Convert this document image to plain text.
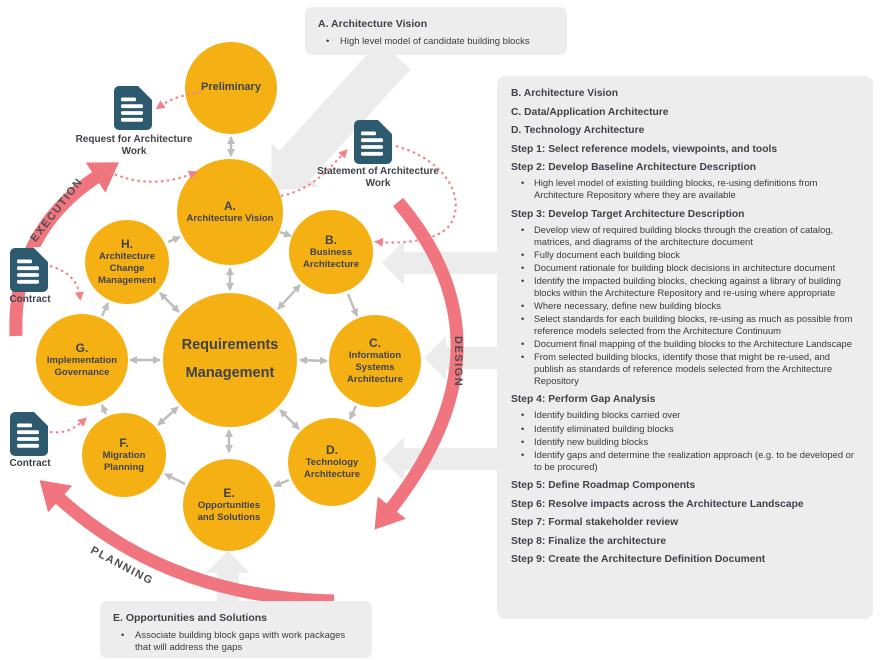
Preliminary
A.
Architecture Vision
B.
Business Architecture
C.
Information Systems Architecture
D.
Technology Architecture
E.
Opportunities and Solutions
F.
Migration Planning
G.
Implementation Governance
H.
Architecture Change Management
Requirements Management
A. Architecture Vision
• High level model of candidate building blocks
E. Opportunities and Solutions
• Associate building block gaps with work packages that will address the gaps
B. Architecture Vision
C. Data/Application Architecture
D. Technology Architecture
Step 1: Select reference models, viewpoints, and tools
Step 2: Develop Baseline Architecture Description
• High level model of existing building blocks, re-using definitions from Architecture Repository where they are available
Step 3: Develop Target Architecture Description
• Develop view of required building blocks through the creation of catalog, matrices, and diagrams of the architecture document
• Fully document each building block
• Document rationale for building block decisions in architecture document
• Identify the impacted building blocks, checking against a library of building blocks within the Architecture Repository and re-using where appropriate
• Where necessary, define new building blocks
• Select standards for each building blocks, re-using as much as possible from reference models selected from the Architecture Continuum
• Document final mapping of the building blocks to the Architecture Landscape
• From selected building blocks, identify those that might be re-used, and publish as standards of reference models selected from the Architecture Repository
Step 4: Perform Gap Analysis
• Identify building blocks carried over
• Identify eliminated building blocks
• Identify new building blocks
• Identify gaps and determine the realization approach (e.g. to be developed or to be procured)
Step 5: Define Roadmap Components
Step 6: Resolve impacts across the Architecture Landscape
Step 7: Formal stakeholder review
Step 8: Finalize the architecture
Step 9: Create the Architecture Definition Document
Request for Architecture Work
Statement of Architecture Work
Contract
Contract
EXECUTION
DESIGN
PLANNING
